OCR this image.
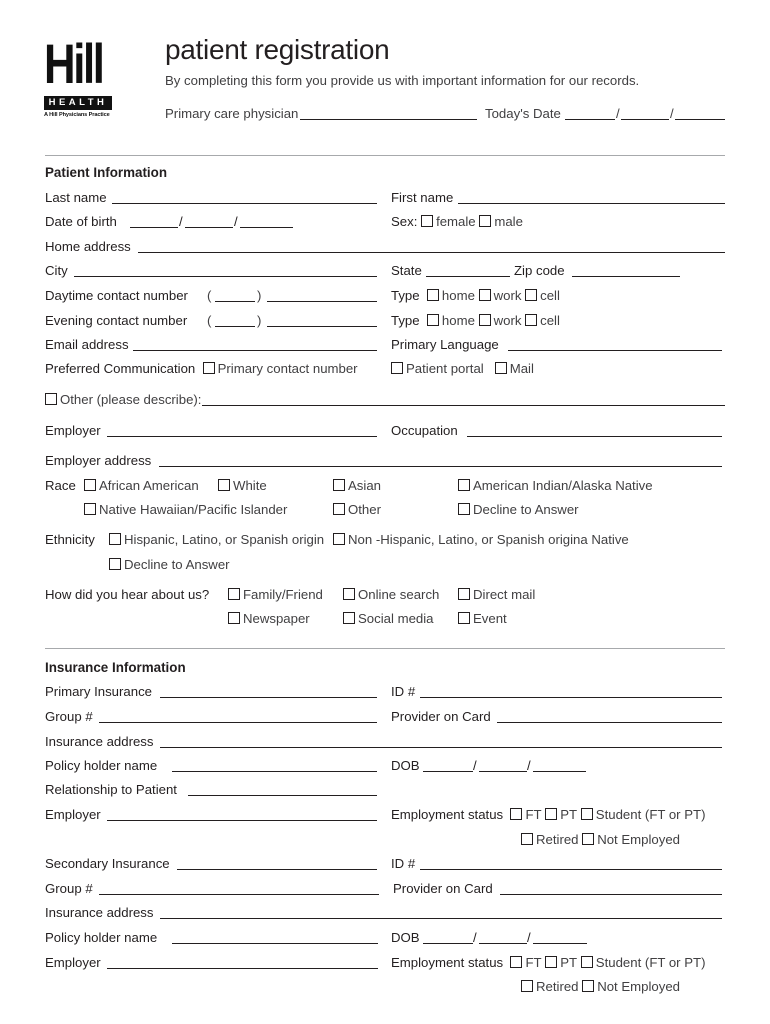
Hill
HEALTH
A Hill Physicians Practice
patient registration
By completing this form you provide us with important information for our records.
Primary care physician	Today's Date	/	/
Patient Information
Last name	First name
Date of birth	/	/	Sex: female male
Home address
City	State	Zip code
Daytime contact number (	)	Type home work cell
Evening contact number (	)	Type home work cell
Email address	Primary Language
Preferred Communication Primary contact number	Patient portal Mail
Other (please describe):
Employer	Occupation
Employer address
Race	African American	White	Asian	American Indian/Alaska Native
Native Hawaiian/Pacific Islander	Other	Decline to Answer
Ethnicity	Hispanic, Latino, or Spanish origin	Non -Hispanic, Latino, or Spanish origina Native
Decline to Answer
How did you hear about us?	Family/Friend	Online search	Direct mail
Newspaper	Social media	Event
Insurance Information
Primary Insurance	ID #
Group #	Provider on Card
Insurance address
Policy holder name	DOB	/	/
Relationship to Patient
Employer	Employment status FT PT Student (FT or PT)
Retired Not Employed
Secondary Insurance	ID #
Group #	Provider on Card
Insurance address
Policy holder name	DOB	/	/
Employer	Employment status FT PT Student (FT or PT)
Retired Not Employed
